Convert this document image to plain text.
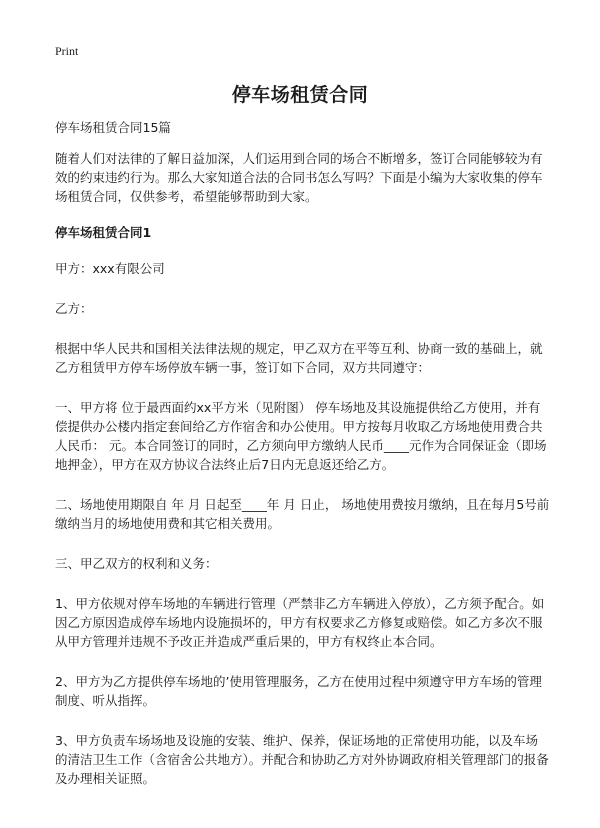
Print
停车场租赁合同

停车场租赁合同15篇

随着人们对法律的了解日益加深，人们运用到合同的场合不断增多，签订合同能够较为有效的约束违约行为。那么大家知道合法的合同书怎么写吗？下面是小编为大家收集的停车场租赁合同，仅供参考，希望能够帮助到大家。

停车场租赁合同1

甲方：xxx有限公司

乙方：

根据中华人民共和国相关法律法规的规定，甲乙双方在平等互利、协商一致的基础上，就乙方租赁甲方停车场停放车辆一事，签订如下合同，双方共同遵守：

一、甲方将 位于最西面约xx平方米（见附图） 停车场地及其设施提供给乙方使用，并有偿提供办公楼内指定套间给乙方作宿舍和办公使用。甲方按每月收取乙方场地使用费合共人民币： 元。本合同签订的同时，乙方须向甲方缴纳人民币____元作为合同保证金（即场地押金），甲方在双方协议合法终止后7日内无息返还给乙方。

二、场地使用期限自 年 月 日起至____年 月 日止， 场地使用费按月缴纳，且在每月5号前缴纳当月的场地使用费和其它相关费用。

三、甲乙双方的权利和义务：

1、甲方依规对停车场地的车辆进行管理（严禁非乙方车辆进入停放），乙方须予配合。如因乙方原因造成停车场地内设施损坏的，甲方有权要求乙方修复或赔偿。如乙方多次不服从甲方管理并违规不予改正并造成严重后果的，甲方有权终止本合同。

2、甲方为乙方提供停车场地的’使用管理服务，乙方在使用过程中须遵守甲方车场的管理制度、听从指挥。

3、甲方负责车场场地及设施的安装、维护、保养，保证场地的正常使用功能，以及车场的清洁卫生工作（含宿舍公共地方）。并配合和协助乙方对外协调政府相关管理部门的报备及办理相关证照。
